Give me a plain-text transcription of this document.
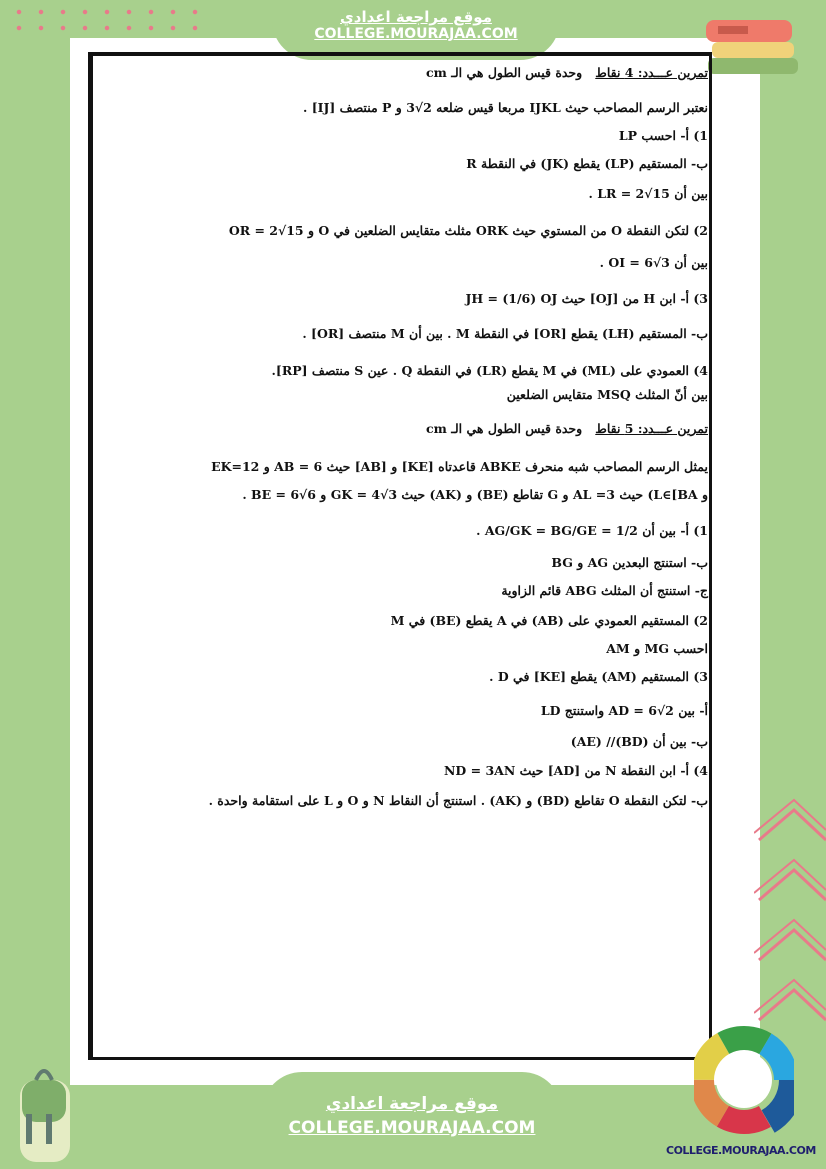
موقع مراجعة اعدادي
COLLEGE.MOURAJAA.COM
تمرين عـــدد: 4 نقاط   وحدة قيس الطول هي الـ cm
نعتبر الرسم المصاحب حيث IJKL مربعا قيس ضلعه 2√3 و P منتصف [IJ] .
1) أ- احسب LP
ب- المستقيم (LP) يقطع (JK) في النقطة R
بين أن LR = 2√15 .
2) لتكن النقطة O من المستوي حيث ORK مثلث متقايس الضلعين في O و OR = 2√15
بين أن OI = 6√3 .
3) أ- ابن H من [OJ] حيث JH = (1/6) OJ
ب- المستقيم (LH) يقطع [OR] في النقطة M . بين أن M منتصف [OR] .
4) العمودي على (ML) في M يقطع (LR) في النقطة Q . عين S منتصف [RP].
بين أنّ المثلث MSQ متقايس الضلعين
تمرين عـــدد: 5 نقاط   وحدة قيس الطول هي الـ cm
يمثل الرسم المصاحب شبه منحرف ABKE قاعدتاه [KE] و [AB] حيث AB = 6 و EK=12
و L∈[BA) حيث AL =3 و G تقاطع (BE) و (AK) حيث GK = 4√3 و BE = 6√6 .
1) أ- بين أن AG/GK = BG/GE = 1/2 .
ب- استنتج البعدين AG و BG
ج- استنتج أن المثلث ABG قائم الزاوية
2) المستقيم العمودي على (AB) في A يقطع (BE) في M
احسب MG و AM
3) المستقيم (AM) يقطع [KE] في D .
أ- بين AD = 6√2 واستنتج LD
ب- بين أن (BD)// (AE)
4) أ- ابن النقطة N من [AD] حيث ND = 3AN
ب- لتكن النقطة O تقاطع (BD) و (AK) . استنتج أن النقاط N و O و L على استقامة واحدة .
موقع مراجعة اعدادي
COLLEGE.MOURAJAA.COM
COLLEGE.MOURAJAA.COM
